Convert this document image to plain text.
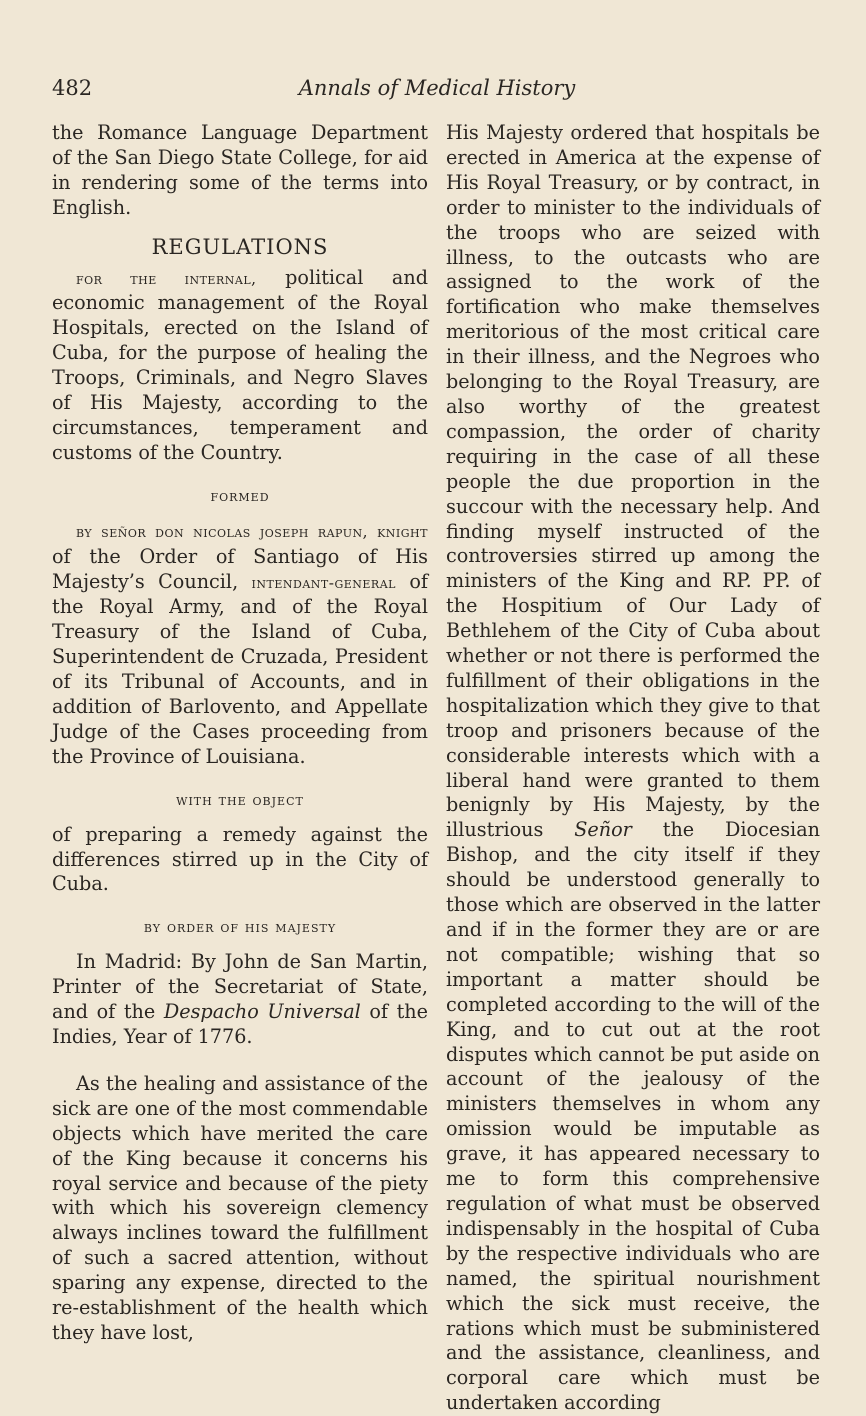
482	Annals of Medical History

the Romance Language Department of the San Diego State College, for aid in rendering some of the terms into English.

REGULATIONS

for the internal, political and economic management of the Royal Hospitals, erected on the Island of Cuba, for the purpose of healing the Troops, Criminals, and Negro Slaves of His Majesty, according to the circumstances, temperament and customs of the Country.

formed

by señor don nicolas joseph rapun, knight of the Order of Santiago of His Majesty’s Council, intendant-general of the Royal Army, and of the Royal Treasury of the Island of Cuba, Superintendent de Cruzada, President of its Tribunal of Accounts, and in addition of Barlovento, and Appellate Judge of the Cases proceeding from the Province of Louisiana.

with the object

of preparing a remedy against the differences stirred up in the City of Cuba.

by order of his majesty

In Madrid: By John de San Martin, Printer of the Secretariat of State, and of the Despacho Universal of the Indies, Year of 1776.

As the healing and assistance of the sick are one of the most commendable objects which have merited the care of the King because it concerns his royal service and because of the piety with which his sovereign clemency always inclines toward the fulfillment of such a sacred attention, without sparing any expense, directed to the re-establishment of the health which they have lost,

His Majesty ordered that hospitals be erected in America at the expense of His Royal Treasury, or by contract, in order to minister to the individuals of the troops who are seized with illness, to the outcasts who are assigned to the work of the fortification who make themselves meritorious of the most critical care in their illness, and the Negroes who belonging to the Royal Treasury, are also worthy of the greatest compassion, the order of charity requiring in the case of all these people the due proportion in the succour with the necessary help. And finding myself instructed of the controversies stirred up among the ministers of the King and RP. PP. of the Hospitium of Our Lady of Bethlehem of the City of Cuba about whether or not there is performed the fulfillment of their obligations in the hospitalization which they give to that troop and prisoners because of the considerable interests which with a liberal hand were granted to them benignly by His Majesty, by the illustrious Señor the Diocesian Bishop, and the city itself if they should be understood generally to those which are observed in the latter and if in the former they are or are not compatible; wishing that so important a matter should be completed according to the will of the King, and to cut out at the root disputes which cannot be put aside on account of the jealousy of the ministers themselves in whom any omission would be imputable as grave, it has appeared necessary to me to form this comprehensive regulation of what must be observed indispensably in the hospital of Cuba by the respective individuals who are named, the spiritual nourishment which the sick must receive, the rations which must be subministered and the assistance, cleanliness, and corporal care which must be undertaken according
